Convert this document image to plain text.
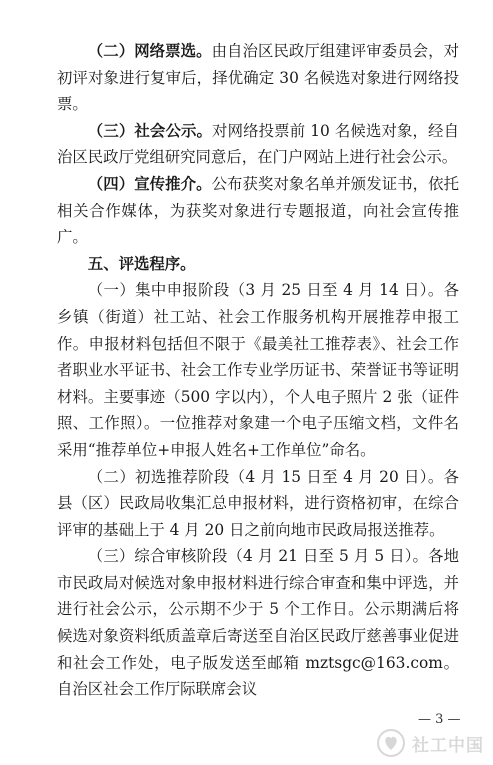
（二）网络票选。由自治区民政厅组建评审委员会，对初评对象进行复审后，择优确定 30 名候选对象进行网络投票。

（三）社会公示。对网络投票前 10 名候选对象，经自治区民政厅党组研究同意后，在门户网站上进行社会公示。

（四）宣传推介。公布获奖对象名单并颁发证书，依托相关合作媒体，为获奖对象进行专题报道，向社会宣传推广。

五、评选程序。

（一）集中申报阶段（3 月 25 日至 4 月 14 日）。各乡镇（街道）社工站、社会工作服务机构开展推荐申报工作。申报材料包括但不限于《最美社工推荐表》、社会工作者职业水平证书、社会工作专业学历证书、荣誉证书等证明材料。主要事迹（500 字以内），个人电子照片 2 张（证件照、工作照）。一位推荐对象建一个电子压缩文档，文件名采用“推荐单位+申报人姓名+工作单位”命名。

（二）初选推荐阶段（4 月 15 日至 4 月 20 日）。各县（区）民政局收集汇总申报材料，进行资格初审，在综合评审的基础上于 4 月 20 日之前向地市民政局报送推荐。

（三）综合审核阶段（4 月 21 日至 5 月 5 日）。各地市民政局对候选对象申报材料进行综合审查和集中评选，并进行社会公示，公示期不少于 5 个工作日。公示期满后将候选对象资料纸质盖章后寄送至自治区民政厅慈善事业促进和社会工作处，电子版发送至邮箱 mztsgc@163.com。自治区社会工作厅际联席会议

— 3 —
社工中国
